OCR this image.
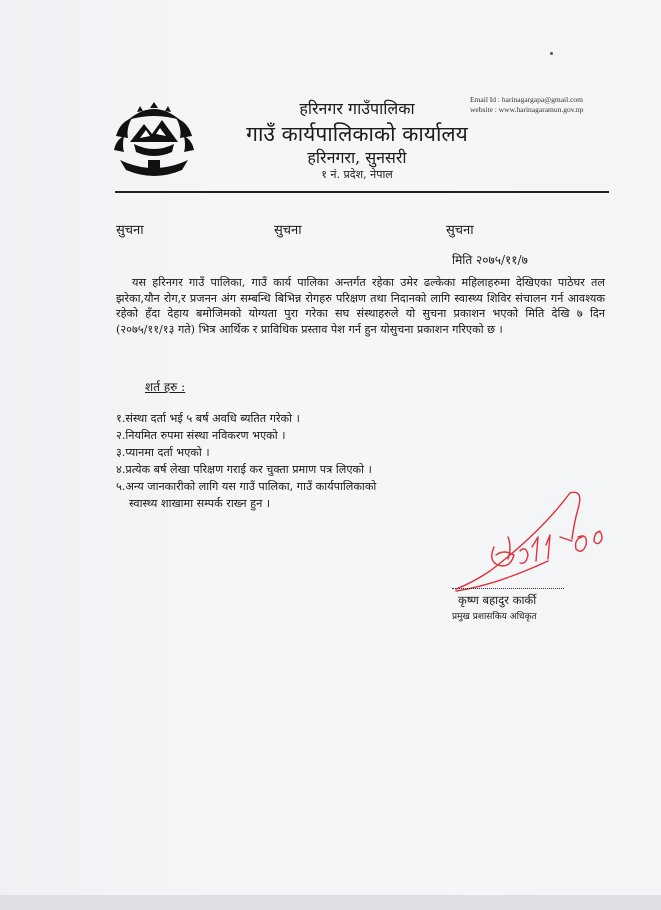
हरिनगर गाउँपालिका
गाउँ कार्यपालिकाको कार्यालय
हरिनगरा, सुनसरी
१ नं. प्रदेश, नेपाल
Email Id : harinagargapa@gmail.com
website : www.harinagaramun.gov.np
सुचना	सुचना	सुचना
मिति २०७५/११/७
यस हरिनगर गाउँ पालिका, गाउँ कार्य पालिका अन्तर्गत रहेका उमेर ढल्केका महिलाहरुमा देखिएका पाठेघर तल झरेका,यौन रोग,र प्रजनन अंग सम्बन्धि बिभिन्न रोगहरु परिक्षण तथा निदानको लागि स्वास्थ्य शिविर संचालन गर्न आवश्यक रहेको हँदा देहाय बमोजिमको योग्यता पुरा गरेका सघ संस्थाहरुले यो सुचना प्रकाशन भएको मिति देखि ७ दिन (२०७५/११/१३ गते) भित्र आर्थिक र प्राविधिक प्रस्ताव पेश गर्न हुन योसुचना प्रकाशन गरिएको छ ।
शर्त हरु :
१.संस्था दर्ता भई ५ बर्ष अवधि ब्यतित गरेको ।
२.नियमित रुपमा संस्था नविकरण भएको ।
३.प्यानमा दर्ता भएको ।
४.प्रत्येक बर्ष लेखा परिक्षण गराई कर चुक्ता प्रमाण पत्र लिएको ।
५.अन्य जानकारीको लागि यस गाउँ पालिका, गाउँ कार्यपालिकाको
स्वास्थ्य शाखामा सम्पर्क राख्न हुन ।
कृष्ण बहादुर कार्की
प्रमुख प्रशासकिय अधिकृत
